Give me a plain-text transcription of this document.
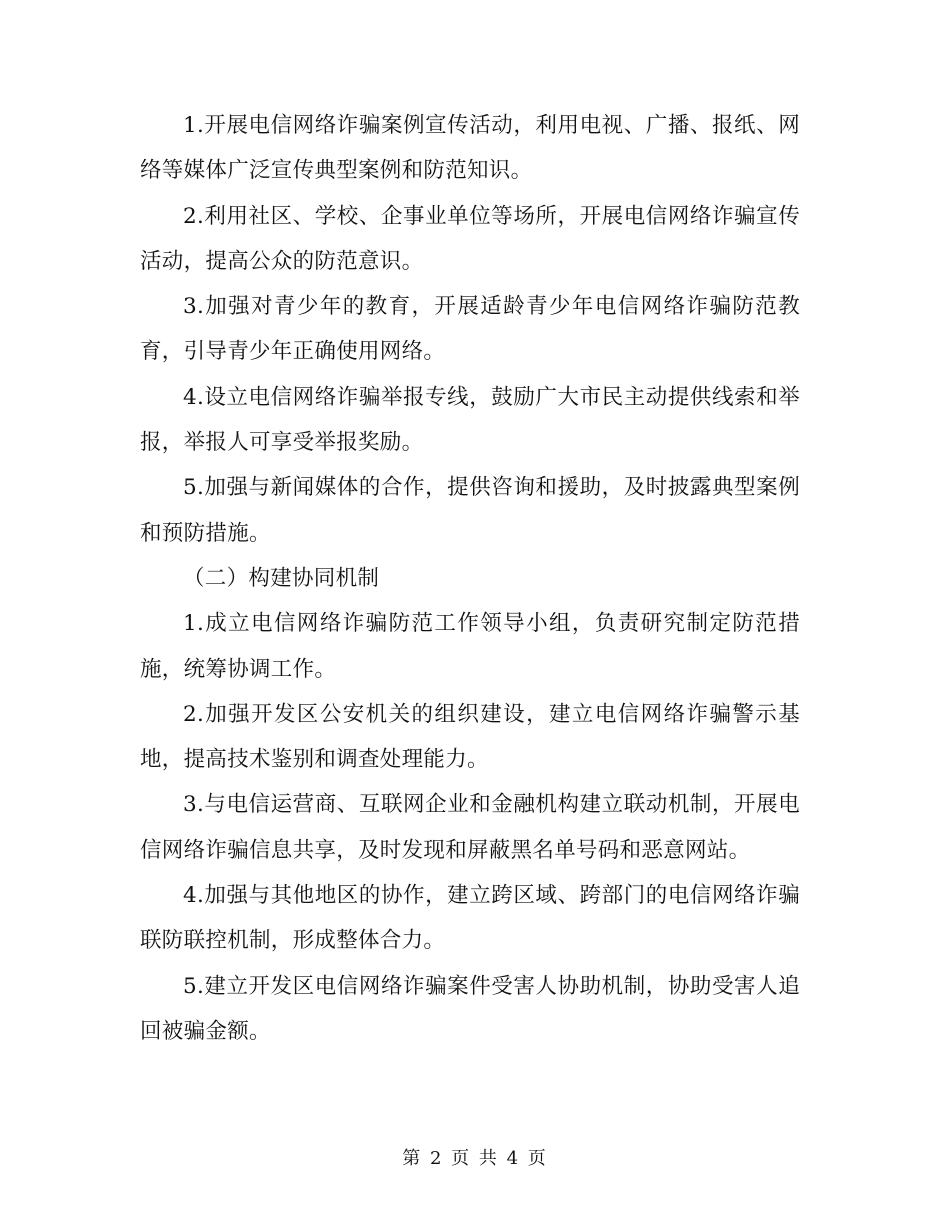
1.开展电信网络诈骗案例宣传活动，利用电视、广播、报纸、网络等媒体广泛宣传典型案例和防范知识。

2.利用社区、学校、企事业单位等场所，开展电信网络诈骗宣传活动，提高公众的防范意识。

3.加强对青少年的教育，开展适龄青少年电信网络诈骗防范教育，引导青少年正确使用网络。

4.设立电信网络诈骗举报专线，鼓励广大市民主动提供线索和举报，举报人可享受举报奖励。

5.加强与新闻媒体的合作，提供咨询和援助，及时披露典型案例和预防措施。

（二）构建协同机制

1.成立电信网络诈骗防范工作领导小组，负责研究制定防范措施，统筹协调工作。

2.加强开发区公安机关的组织建设，建立电信网络诈骗警示基地，提高技术鉴别和调查处理能力。

3.与电信运营商、互联网企业和金融机构建立联动机制，开展电信网络诈骗信息共享，及时发现和屏蔽黑名单号码和恶意网站。

4.加强与其他地区的协作，建立跨区域、跨部门的电信网络诈骗联防联控机制，形成整体合力。

5.建立开发区电信网络诈骗案件受害人协助机制，协助受害人追回被骗金额。

第 2 页 共 4 页
